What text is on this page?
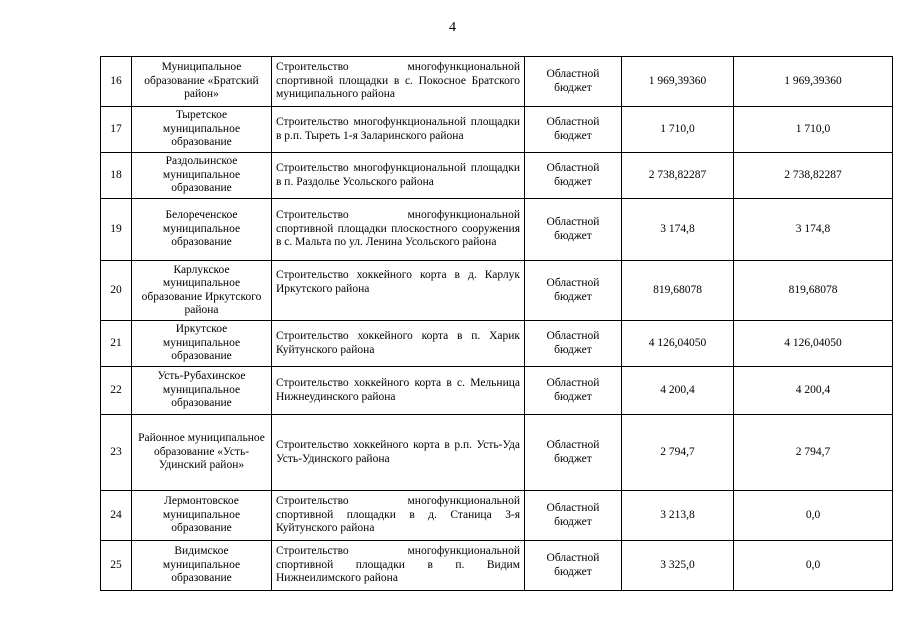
4
16	Муниципальное образование «Братский район»	Строительство многофункциональной спортивной площадки в с. Покосное Братского муниципального района	Областной бюджет	1 969,39360	1 969,39360
17	Тыретское муниципальное образование	Строительство многофункциональной площадки в р.п. Тыреть 1-я Заларинского района	Областной бюджет	1 710,0	1 710,0
18	Раздольинское муниципальное образование	Строительство многофункциональной площадки в п. Раздолье Усольского района	Областной бюджет	2 738,82287	2 738,82287
19	Белореченское муниципальное образование	Строительство многофункциональной спортивной площадки плоскостного сооружения в с. Мальта по ул. Ленина Усольского района	Областной бюджет	3 174,8	3 174,8
20	Карлукское муниципальное образование Иркутского района	Строительство хоккейного корта в д. Карлук Иркутского района	Областной бюджет	819,68078	819,68078
21	Иркутское муниципальное образование	Строительство хоккейного корта в п. Харик Куйтунского района	Областной бюджет	4 126,04050	4 126,04050
22	Усть-Рубахинское муниципальное образование	Строительство хоккейного корта в с. Мельница Нижнеудинского района	Областной бюджет	4 200,4	4 200,4
23	Районное муниципальное образование «Усть-Удинский район»	Строительство хоккейного корта в р.п. Усть-Уда Усть-Удинского района	Областной бюджет	2 794,7	2 794,7
24	Лермонтовское муниципальное образование	Строительство многофункциональной спортивной площадки в д. Станица 3-я Куйтунского района	Областной бюджет	3 213,8	0,0
25	Видимское муниципальное образование	Строительство многофункциональной спортивной площадки в п. Видим Нижнеилимского района	Областной бюджет	3 325,0	0,0
